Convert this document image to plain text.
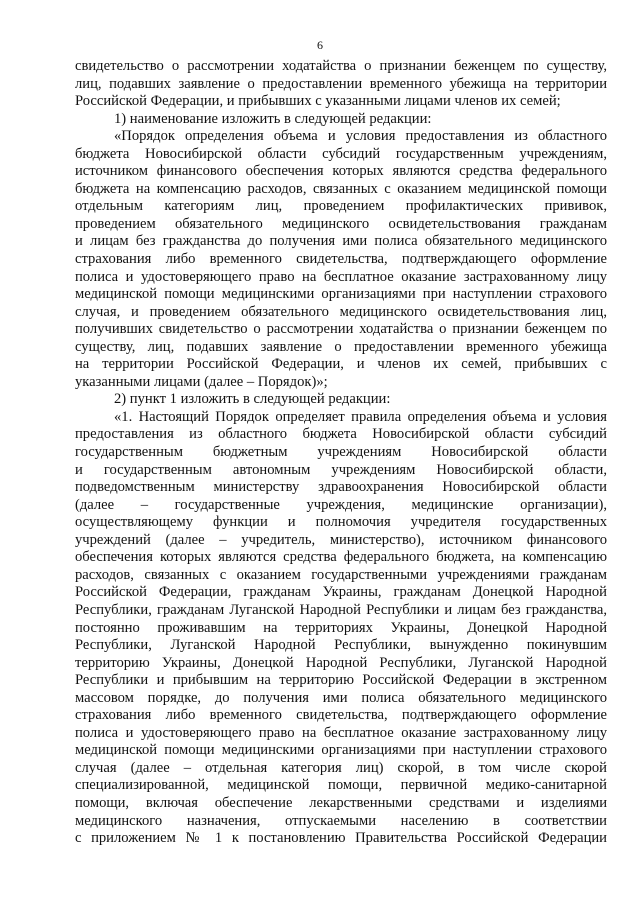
6
свидетельство о рассмотрении ходатайства о признании беженцем по существу,
лиц, подавших заявление о предоставлении временного убежища на территории
Российской Федерации, и прибывших с указанными лицами членов их семей;
1) наименование изложить в следующей редакции:
«Порядок определения объема и условия предоставления из областного
бюджета Новосибирской области субсидий государственным учреждениям,
источником финансового обеспечения которых являются средства федерального
бюджета на компенсацию расходов, связанных с оказанием медицинской помощи
отдельным категориям лиц, проведением профилактических прививок,
проведением обязательного медицинского освидетельствования гражданам
и лицам без гражданства до получения ими полиса обязательного медицинского
страхования либо временного свидетельства, подтверждающего оформление
полиса и удостоверяющего право на бесплатное оказание застрахованному лицу
медицинской помощи медицинскими организациями при наступлении страхового
случая, и проведением обязательного медицинского освидетельствования лиц,
получивших свидетельство о рассмотрении ходатайства о признании беженцем по
существу, лиц, подавших заявление о предоставлении временного убежища
на территории Российской Федерации, и членов их семей, прибывших с
указанными лицами (далее – Порядок)»;
2) пункт 1 изложить в следующей редакции:
«1. Настоящий Порядок определяет правила определения объема и условия
предоставления из областного бюджета Новосибирской области субсидий
государственным бюджетным учреждениям Новосибирской области
и государственным автономным учреждениям Новосибирской области,
подведомственным министерству здравоохранения Новосибирской области
(далее – государственные учреждения, медицинские организации),
осуществляющему функции и полномочия учредителя государственных
учреждений (далее – учредитель, министерство), источником финансового
обеспечения которых являются средства федерального бюджета, на компенсацию
расходов, связанных с оказанием государственными учреждениями гражданам
Российской Федерации, гражданам Украины, гражданам Донецкой Народной
Республики, гражданам Луганской Народной Республики и лицам без гражданства,
постоянно проживавшим на территориях Украины, Донецкой Народной
Республики, Луганской Народной Республики, вынужденно покинувшим
территорию Украины, Донецкой Народной Республики, Луганской Народной
Республики и прибывшим на территорию Российской Федерации в экстренном
массовом порядке, до получения ими полиса обязательного медицинского
страхования либо временного свидетельства, подтверждающего оформление
полиса и удостоверяющего право на бесплатное оказание застрахованному лицу
медицинской помощи медицинскими организациями при наступлении страхового
случая (далее – отдельная категория лиц) скорой, в том числе скорой
специализированной, медицинской помощи, первичной медико-санитарной
помощи, включая обеспечение лекарственными средствами и изделиями
медицинского назначения, отпускаемыми населению в соответствии
с приложением № 1 к постановлению Правительства Российской Федерации
